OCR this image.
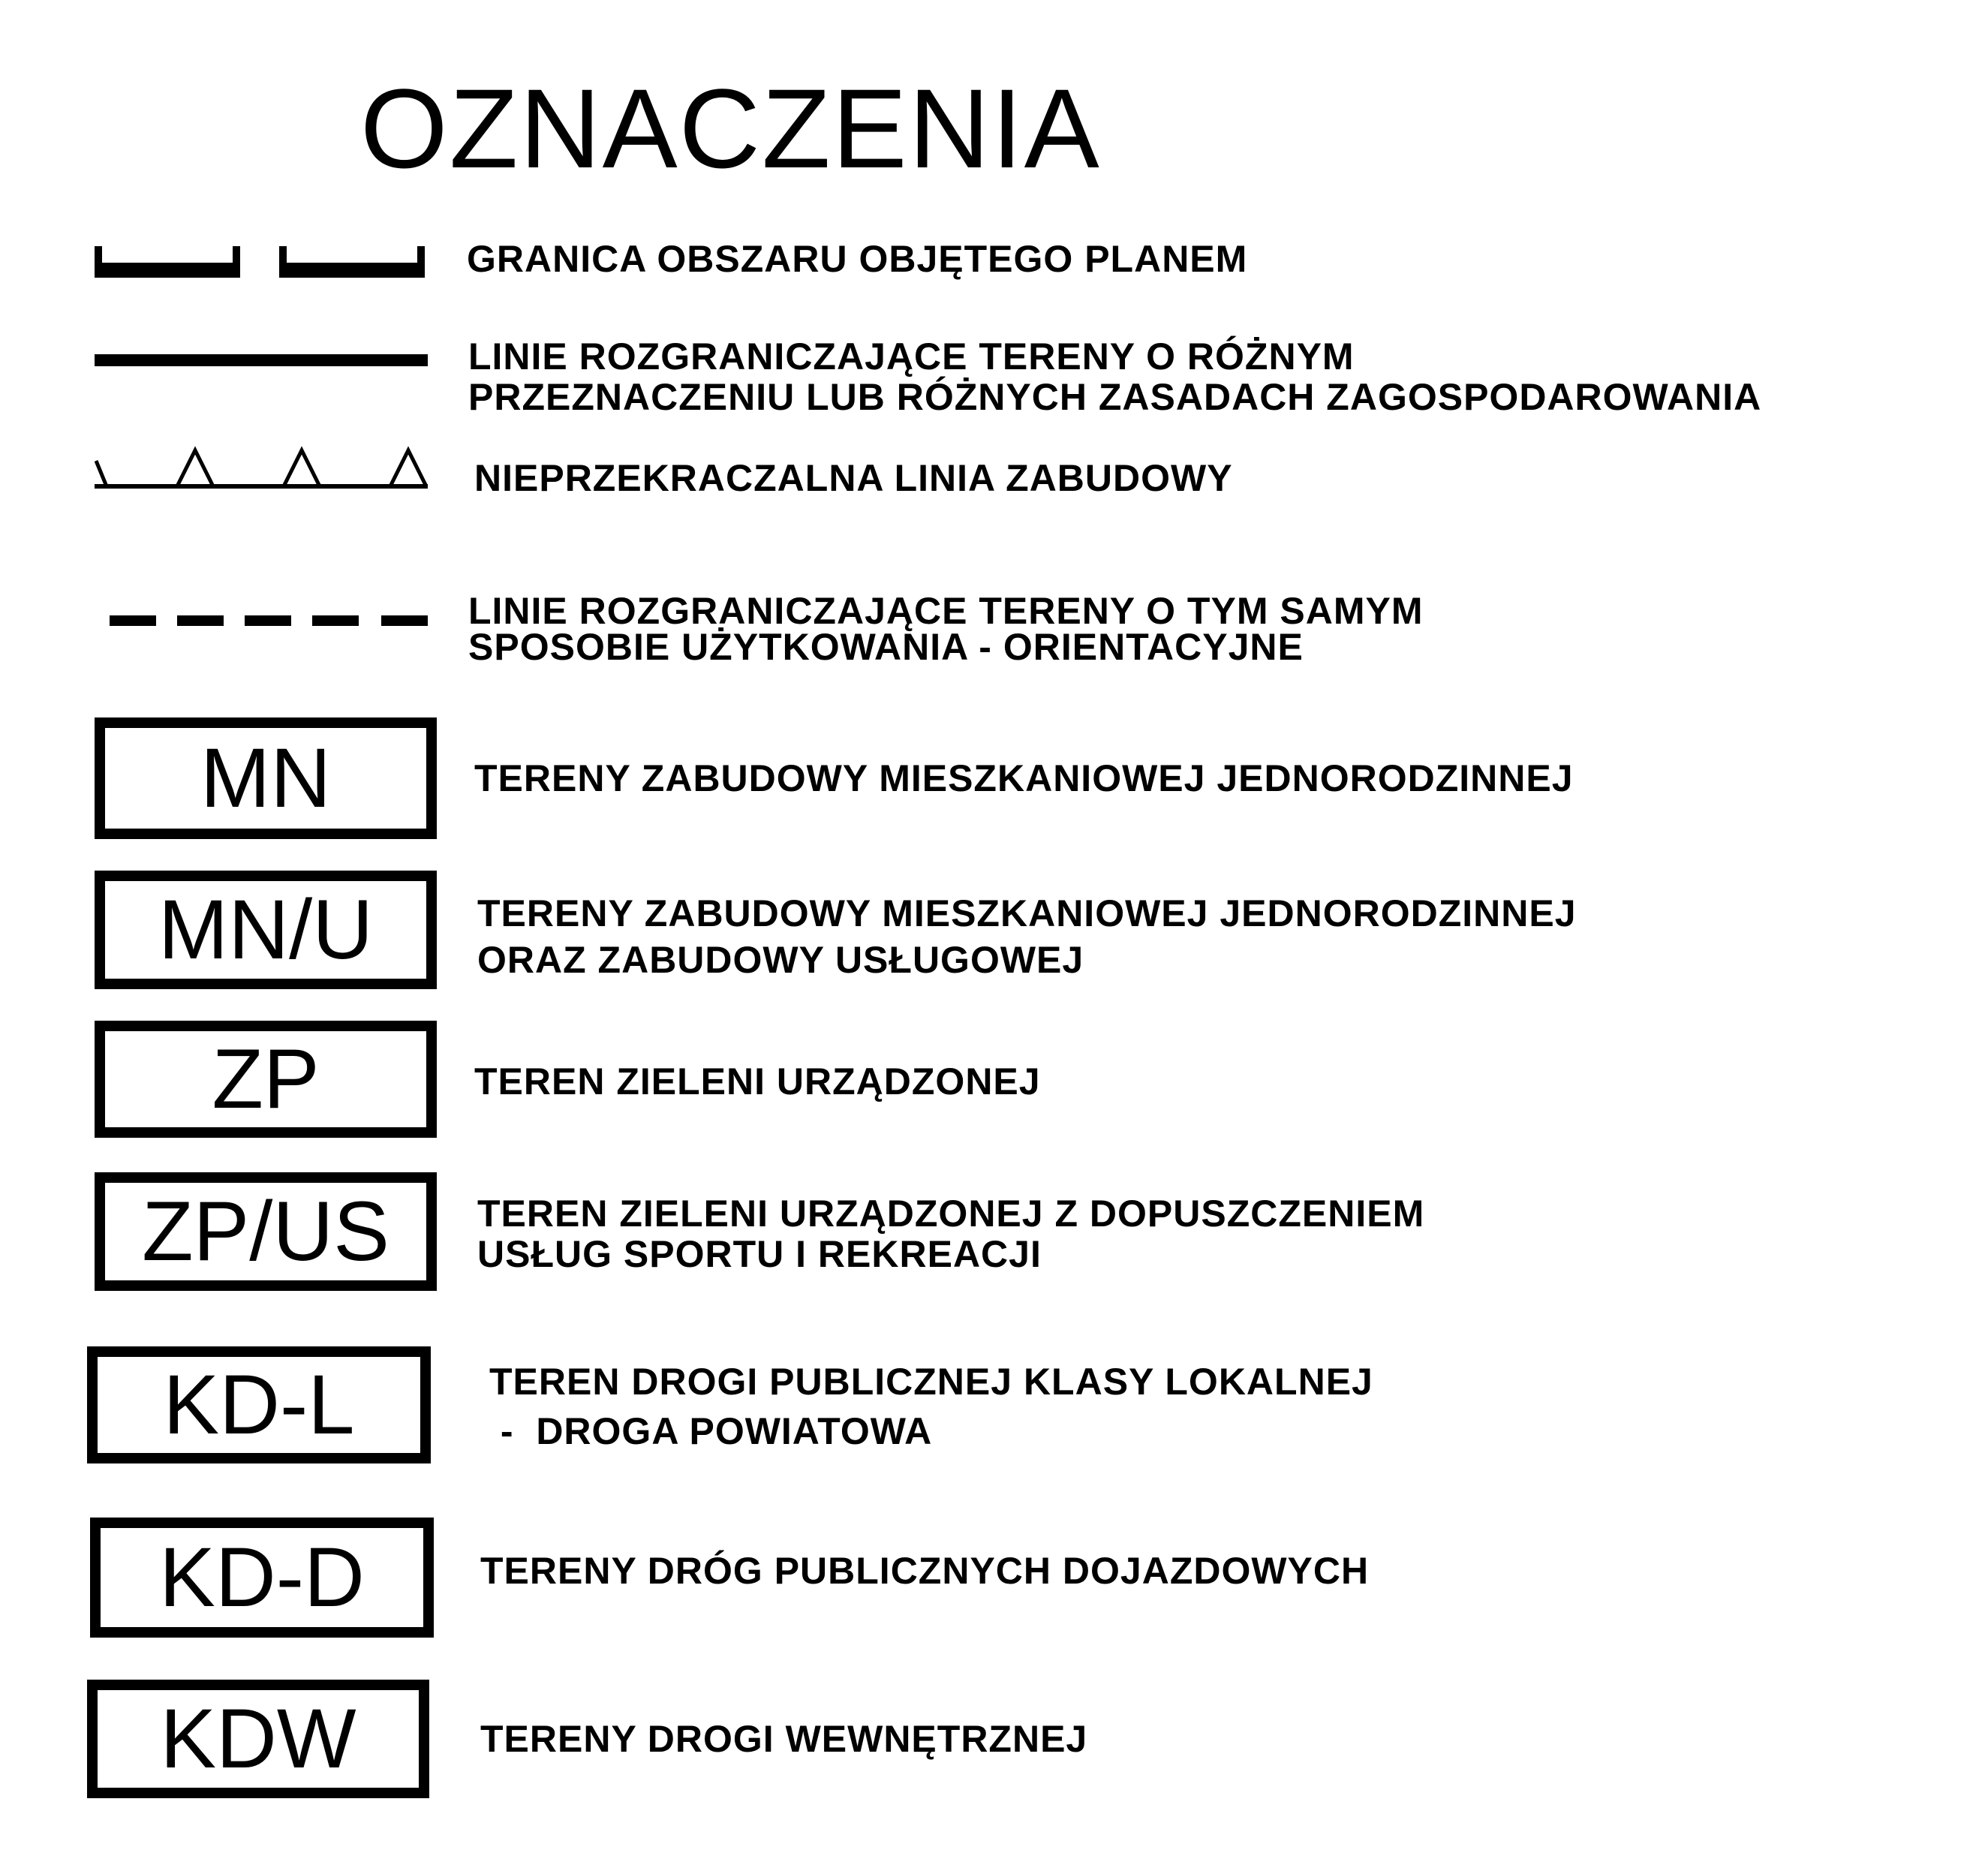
OZNACZENIA
GRANICA OBSZARU OBJĘTEGO PLANEM
LINIE ROZGRANICZAJĄCE TERENY O RÓŻNYM
PRZEZNACZENIU LUB RÓŻNYCH ZASADACH ZAGOSPODAROWANIA
NIEPRZEKRACZALNA LINIA ZABUDOWY
LINIE ROZGRANICZAJĄCE TERENY O TYM SAMYM
SPOSOBIE UŻYTKOWANIA - ORIENTACYJNE
MN	TERENY ZABUDOWY MIESZKANIOWEJ JEDNORODZINNEJ
MN/U	TERENY ZABUDOWY MIESZKANIOWEJ JEDNORODZINNEJ
ORAZ ZABUDOWY USŁUGOWEJ
ZP	TEREN ZIELENI URZĄDZONEJ
ZP/US TEREN ZIELENI URZĄDZONEJ Z DOPUSZCZENIEM
USŁUG SPORTU I REKREACJI
KD-L	TEREN DROGI PUBLICZNEJ KLASY LOKALNEJ
-  DROGA POWIATOWA
KD-D	TERENY DRÓG PUBLICZNYCH DOJAZDOWYCH
KDW	TERENY DROGI WEWNĘTRZNEJ
